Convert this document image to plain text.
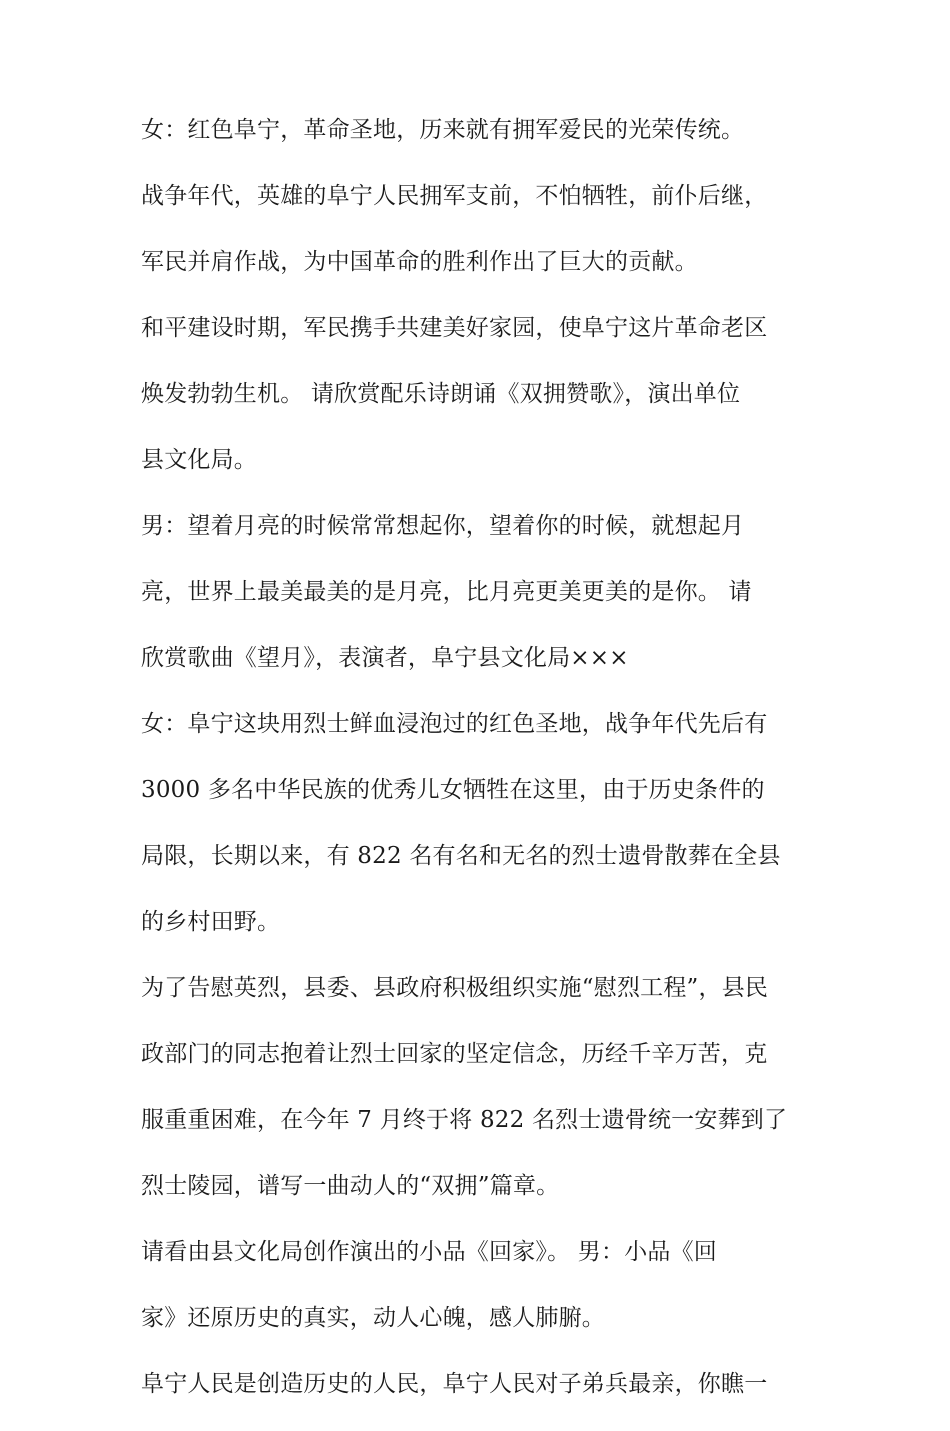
女：红色阜宁，革命圣地，历来就有拥军爱民的光荣传统。
战争年代，英雄的阜宁人民拥军支前，不怕牺牲，前仆后继，
军民并肩作战，为中国革命的胜利作出了巨大的贡献。
和平建设时期，军民携手共建美好家园，使阜宁这片革命老区
焕发勃勃生机。 请欣赏配乐诗朗诵《双拥赞歌》，演出单位
县文化局。
男：望着月亮的时候常常想起你，望着你的时候，就想起月
亮，世界上最美最美的是月亮，比月亮更美更美的是你。 请
欣赏歌曲《望月》，表演者，阜宁县文化局×××
女：阜宁这块用烈士鲜血浸泡过的红色圣地，战争年代先后有
3000 多名中华民族的优秀儿女牺牲在这里，由于历史条件的
局限，长期以来，有 822 名有名和无名的烈士遗骨散葬在全县
的乡村田野。
为了告慰英烈，县委、县政府积极组织实施“慰烈工程”，县民
政部门的同志抱着让烈士回家的坚定信念，历经千辛万苦，克
服重重困难，在今年 7 月终于将 822 名烈士遗骨统一安葬到了
烈士陵园，谱写一曲动人的“双拥”篇章。
请看由县文化局创作演出的小品《回家》。 男：小品《回
家》还原历史的真实，动人心魄，感人肺腑。
阜宁人民是创造历史的人民，阜宁人民对子弟兵最亲，你瞧一
